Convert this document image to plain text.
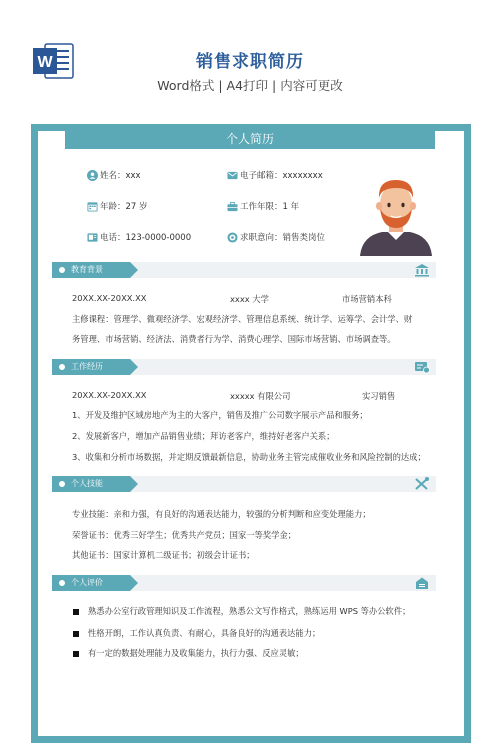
W	销售求职简历
Word格式 | A4打印 | 内容可更改
个人简历
姓名：xxx	电子邮箱：xxxxxxxx
年龄：27 岁	工作年限：1 年
电话：123-0000-0000	求职意向：销售类岗位
教育背景
20XX.XX-20XX.XX	xxxx 大学	市场营销本科
主修课程：管理学、微观经济学、宏观经济学、管理信息系统、统计学、运筹学、会计学、财
务管理、市场营销、经济法、消费者行为学、消费心理学、国际市场营销、市场调查等。
工作经历
20XX.XX-20XX.XX	xxxxx 有限公司	实习销售
1、开发及维护区域房地产为主的大客户，销售及推广公司数字展示产品和服务；
2、发展新客户，增加产品销售业绩；拜访老客户，维持好老客户关系；
3、收集和分析市场数据，并定期反馈最新信息，协助业务主管完成催收业务和风险控制的达成；
个人技能
专业技能：亲和力强，有良好的沟通表达能力，较强的分析判断和应变处理能力；
荣誉证书：优秀三好学生；优秀共产党员；国家一等奖学金；
其他证书：国家计算机二级证书；初级会计证书；
个人评价
熟悉办公室行政管理知识及工作流程，熟悉公文写作格式，熟练运用 WPS 等办公软件；
性格开朗，工作认真负责、有耐心，具备良好的沟通表达能力；
有一定的数据处理能力及收集能力，执行力强、反应灵敏；
